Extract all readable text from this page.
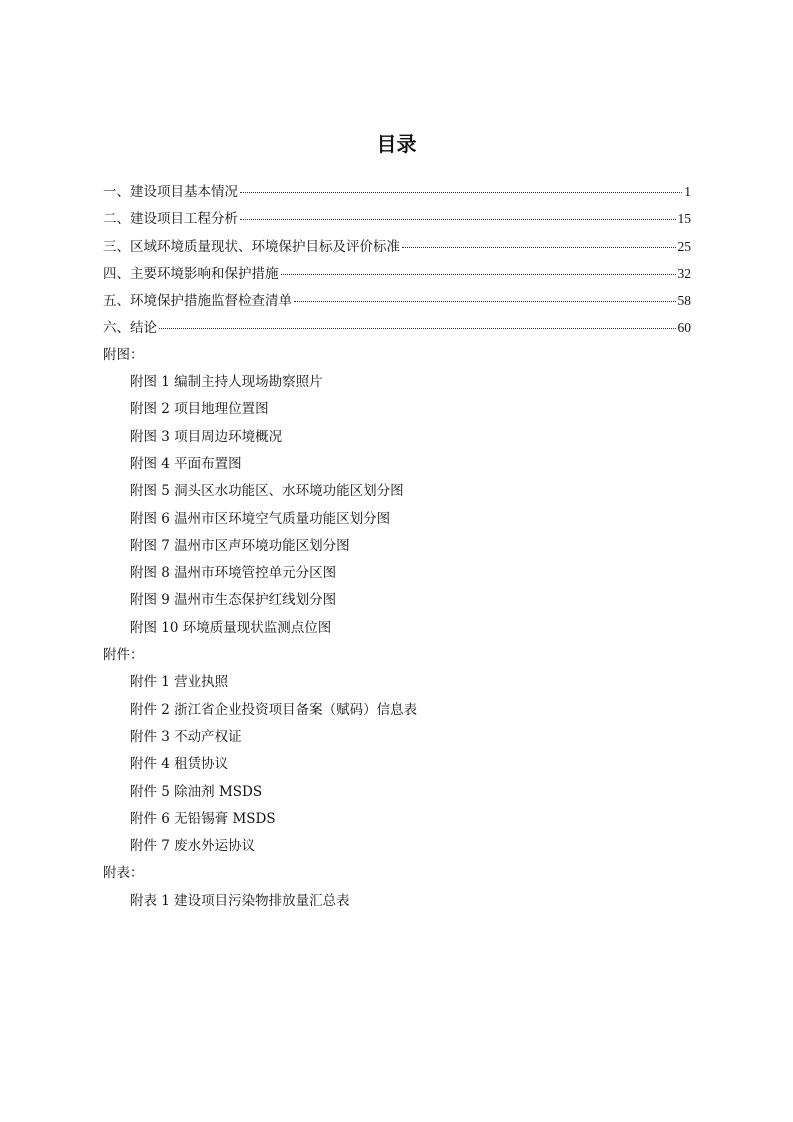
目录
一、建设项目基本情况	1
二、建设项目工程分析	15
三、区域环境质量现状、环境保护目标及评价标准	25
四、主要环境影响和保护措施	32
五、环境保护措施监督检查清单	58
六、结论	60
附图：
附图 1 编制主持人现场勘察照片
附图 2 项目地理位置图
附图 3 项目周边环境概况
附图 4 平面布置图
附图 5 洞头区水功能区、水环境功能区划分图
附图 6 温州市区环境空气质量功能区划分图
附图 7 温州市区声环境功能区划分图
附图 8 温州市环境管控单元分区图
附图 9 温州市生态保护红线划分图
附图 10 环境质量现状监测点位图
附件：
附件 1 营业执照
附件 2 浙江省企业投资项目备案（赋码）信息表
附件 3 不动产权证
附件 4 租赁协议
附件 5 除油剂 MSDS
附件 6 无铅锡膏 MSDS
附件 7 废水外运协议
附表：
附表 1 建设项目污染物排放量汇总表
